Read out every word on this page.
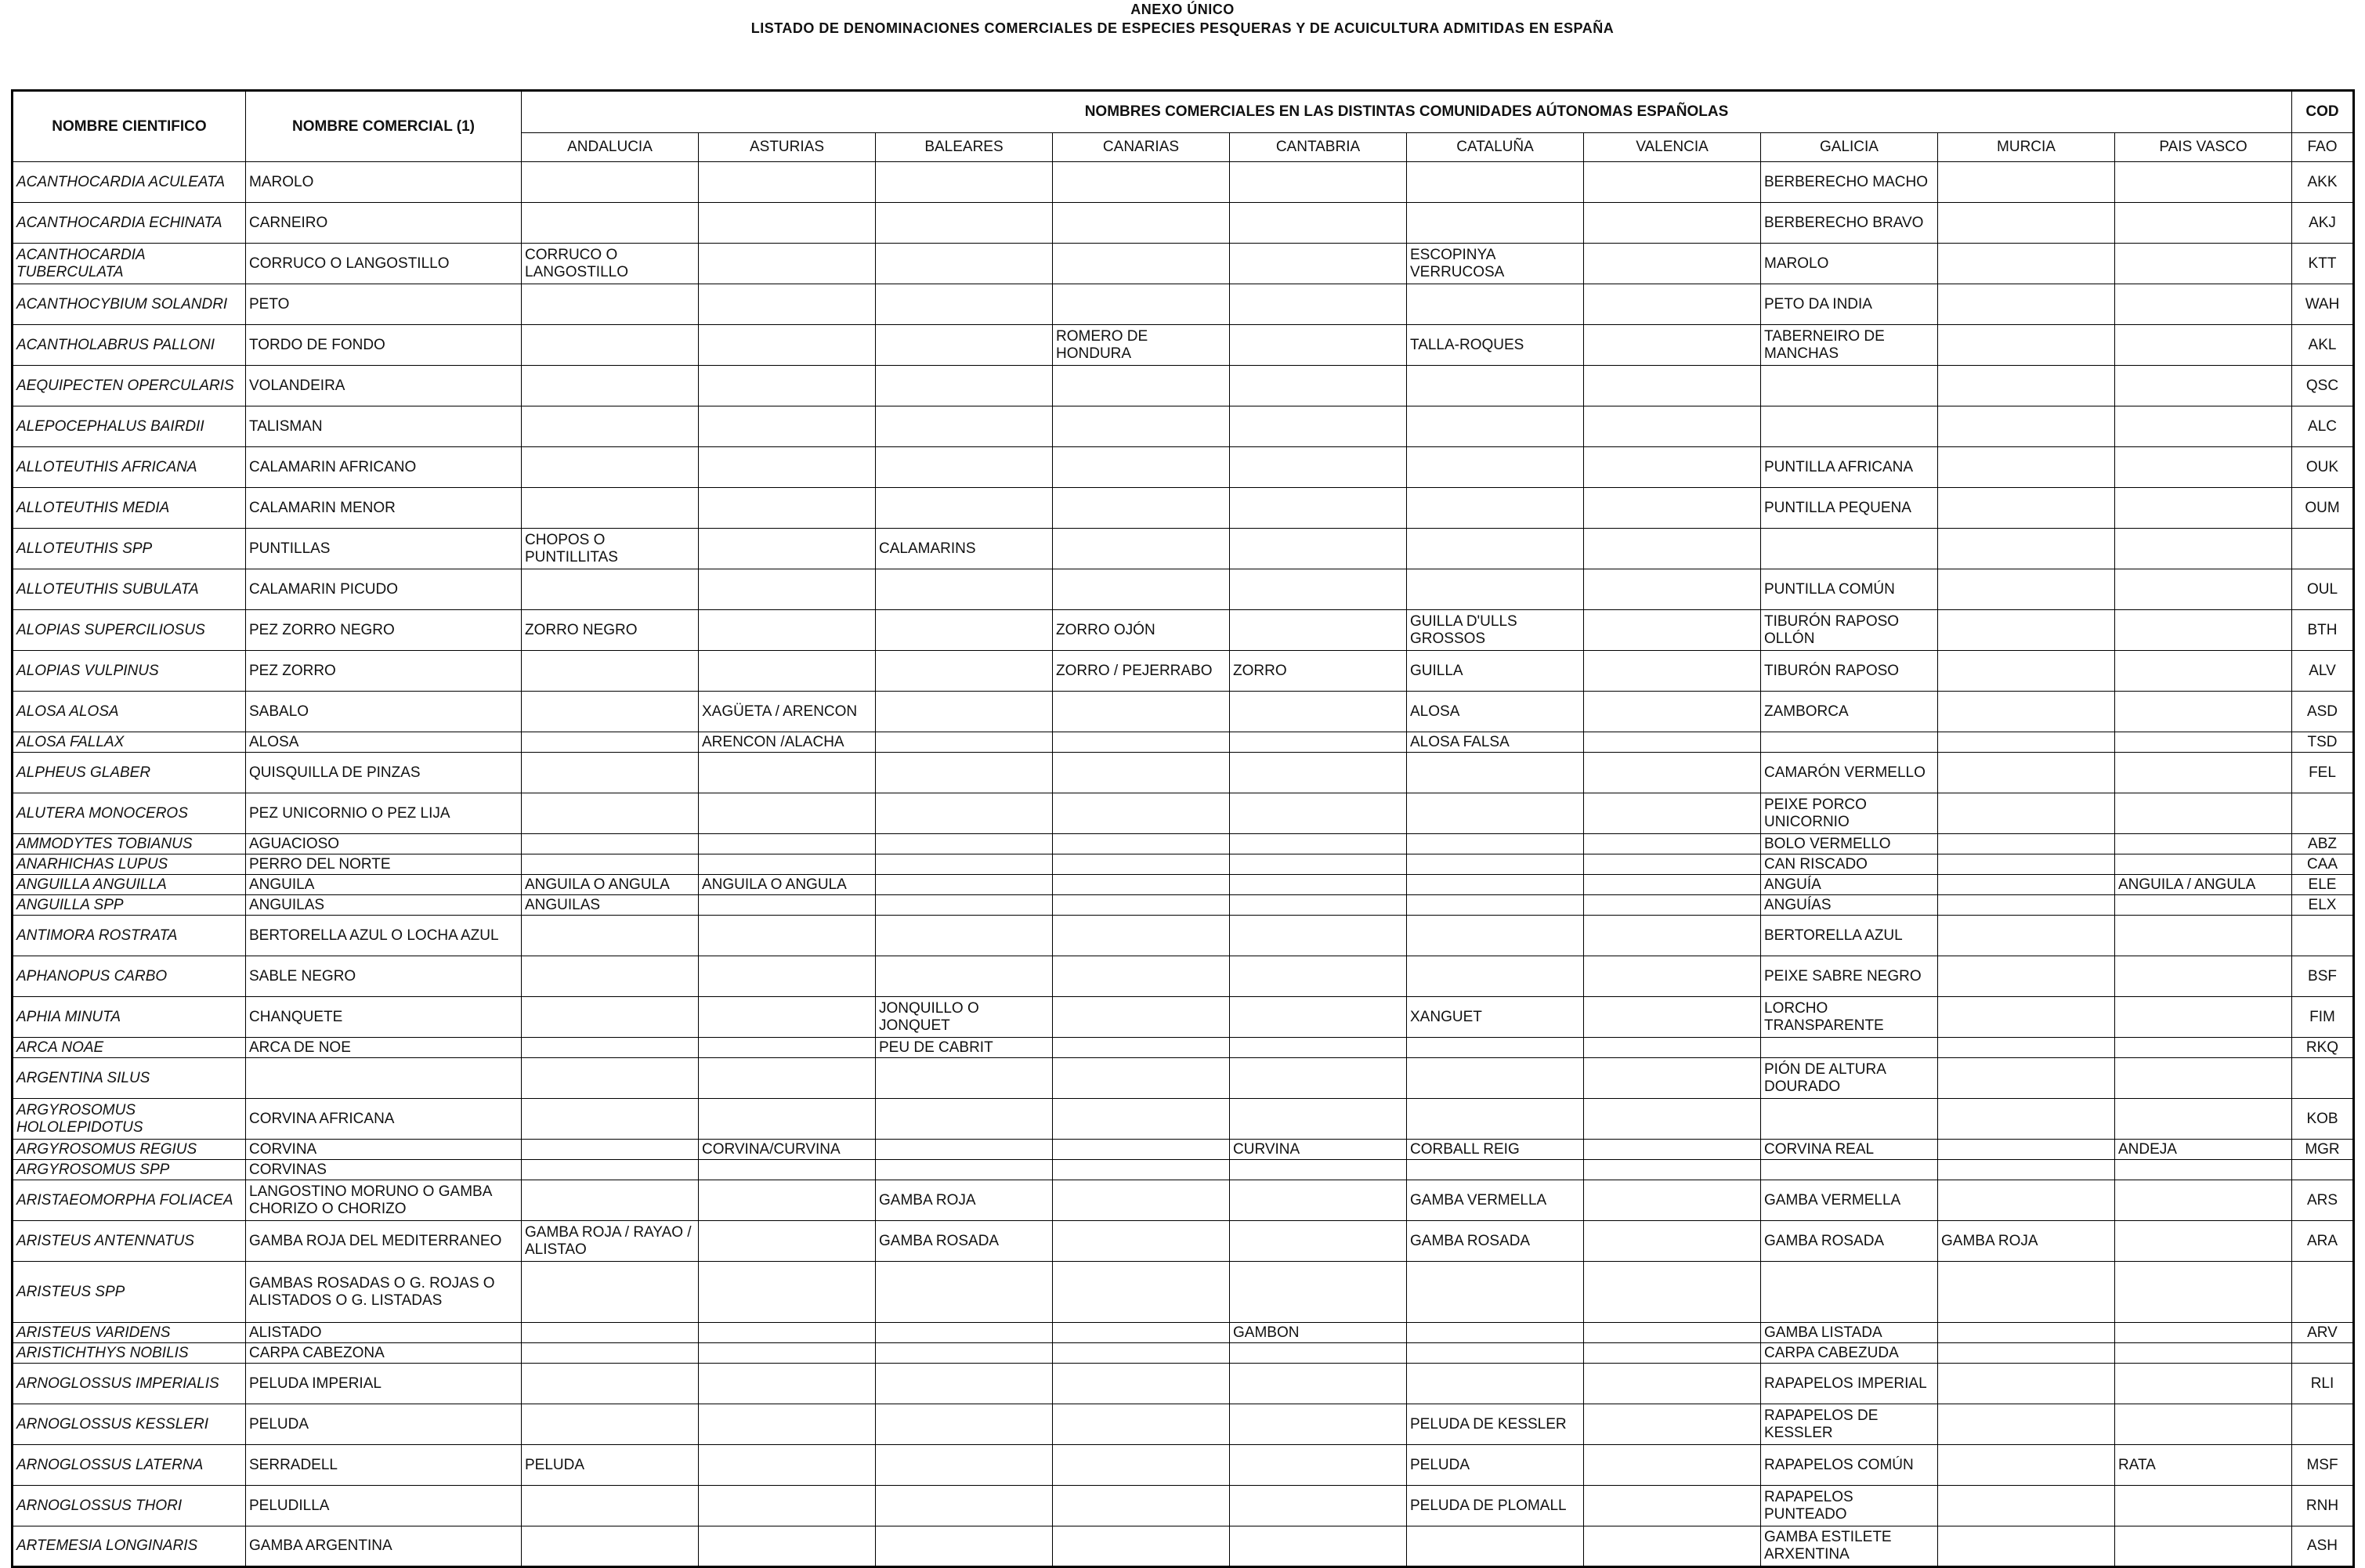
ANEXO ÚNICO
LISTADO DE DENOMINACIONES COMERCIALES DE ESPECIES PESQUERAS Y DE ACUICULTURA ADMITIDAS EN ESPAÑA
NOMBRE CIENTIFICO	NOMBRE COMERCIAL (1)	NOMBRES COMERCIALES EN LAS DISTINTAS COMUNIDADES AÚTONOMAS ESPAÑOLAS										COD
		ANDALUCIA	ASTURIAS	BALEARES	CANARIAS	CANTABRIA	CATALUÑA	VALENCIA	GALICIA	MURCIA	PAIS VASCO	FAO
ACANTHOCARDIA ACULEATA	MAROLO								BERBERECHO MACHO			AKK
ACANTHOCARDIA ECHINATA	CARNEIRO								BERBERECHO BRAVO			AKJ
ACANTHOCARDIA TUBERCULATA	CORRUCO O LANGOSTILLO	CORRUCO O LANGOSTILLO					ESCOPINYA VERRUCOSA		MAROLO			KTT
ACANTHOCYBIUM SOLANDRI	PETO								PETO DA INDIA			WAH
ACANTHOLABRUS PALLONI	TORDO DE FONDO				ROMERO DE HONDURA		TALLA-ROQUES		TABERNEIRO DE MANCHAS			AKL
AEQUIPECTEN OPERCULARIS	VOLANDEIRA											QSC
ALEPOCEPHALUS BAIRDII	TALISMAN											ALC
ALLOTEUTHIS AFRICANA	CALAMARIN AFRICANO								PUNTILLA AFRICANA			OUK
ALLOTEUTHIS MEDIA	CALAMARIN MENOR								PUNTILLA PEQUENA			OUM
ALLOTEUTHIS SPP	PUNTILLAS	CHOPOS O PUNTILLITAS		CALAMARINS								
ALLOTEUTHIS SUBULATA	CALAMARIN PICUDO								PUNTILLA COMÚN			OUL
ALOPIAS SUPERCILIOSUS	PEZ ZORRO NEGRO	ZORRO NEGRO			ZORRO OJÓN		GUILLA D'ULLS GROSSOS		TIBURÓN RAPOSO OLLÓN			BTH
ALOPIAS VULPINUS	PEZ ZORRO				ZORRO / PEJERRABO	ZORRO	GUILLA		TIBURÓN RAPOSO			ALV
ALOSA ALOSA	SABALO		XAGÜETA / ARENCON				ALOSA		ZAMBORCA			ASD
ALOSA FALLAX	ALOSA		ARENCON /ALACHA				ALOSA FALSA					TSD
ALPHEUS GLABER	QUISQUILLA DE PINZAS								CAMARÓN VERMELLO			FEL
ALUTERA MONOCEROS	PEZ UNICORNIO O PEZ LIJA								PEIXE PORCO UNICORNIO			
AMMODYTES TOBIANUS	AGUACIOSO								BOLO VERMELLO			ABZ
ANARHICHAS LUPUS	PERRO DEL NORTE								CAN RISCADO			CAA
ANGUILLA ANGUILLA	ANGUILA	ANGUILA O ANGULA	ANGUILA O ANGULA						ANGUÍA		ANGUILA / ANGULA	ELE
ANGUILLA SPP	ANGUILAS	ANGUILAS							ANGUÍAS			ELX
ANTIMORA ROSTRATA	BERTORELLA AZUL O LOCHA AZUL								BERTORELLA AZUL			
APHANOPUS CARBO	SABLE NEGRO								PEIXE SABRE NEGRO			BSF
APHIA MINUTA	CHANQUETE			JONQUILLO O JONQUET			XANGUET		LORCHO TRANSPARENTE			FIM
ARCA NOAE	ARCA DE NOE			PEU DE CABRIT								RKQ
ARGENTINA SILUS									PIÓN DE ALTURA DOURADO			
ARGYROSOMUS HOLOLEPIDOTUS	CORVINA AFRICANA											KOB
ARGYROSOMUS REGIUS	CORVINA		CORVINA/CURVINA			CURVINA	CORBALL REIG		CORVINA REAL		ANDEJA	MGR
ARGYROSOMUS SPP	CORVINAS											
ARISTAEOMORPHA FOLIACEA	LANGOSTINO MORUNO O GAMBA CHORIZO O CHORIZO			GAMBA ROJA			GAMBA VERMELLA		GAMBA VERMELLA			ARS
ARISTEUS ANTENNATUS	GAMBA ROJA DEL MEDITERRANEO	GAMBA ROJA / RAYAO / ALISTAO		GAMBA ROSADA			GAMBA ROSADA		GAMBA ROSADA	GAMBA ROJA		ARA
ARISTEUS SPP	GAMBAS ROSADAS O G. ROJAS O ALISTADOS O G. LISTADAS											
ARISTEUS VARIDENS	ALISTADO					GAMBON			GAMBA LISTADA			ARV
ARISTICHTHYS NOBILIS	CARPA CABEZONA								CARPA CABEZUDA			
ARNOGLOSSUS IMPERIALIS	PELUDA IMPERIAL								RAPAPELOS IMPERIAL			RLI
ARNOGLOSSUS KESSLERI	PELUDA						PELUDA DE KESSLER		RAPAPELOS DE KESSLER			
ARNOGLOSSUS LATERNA	SERRADELL	PELUDA					PELUDA		RAPAPELOS COMÚN		RATA	MSF
ARNOGLOSSUS THORI	PELUDILLA						PELUDA DE PLOMALL		RAPAPELOS PUNTEADO			RNH
ARTEMESIA LONGINARIS	GAMBA ARGENTINA								GAMBA ESTILETE ARXENTINA			ASH
